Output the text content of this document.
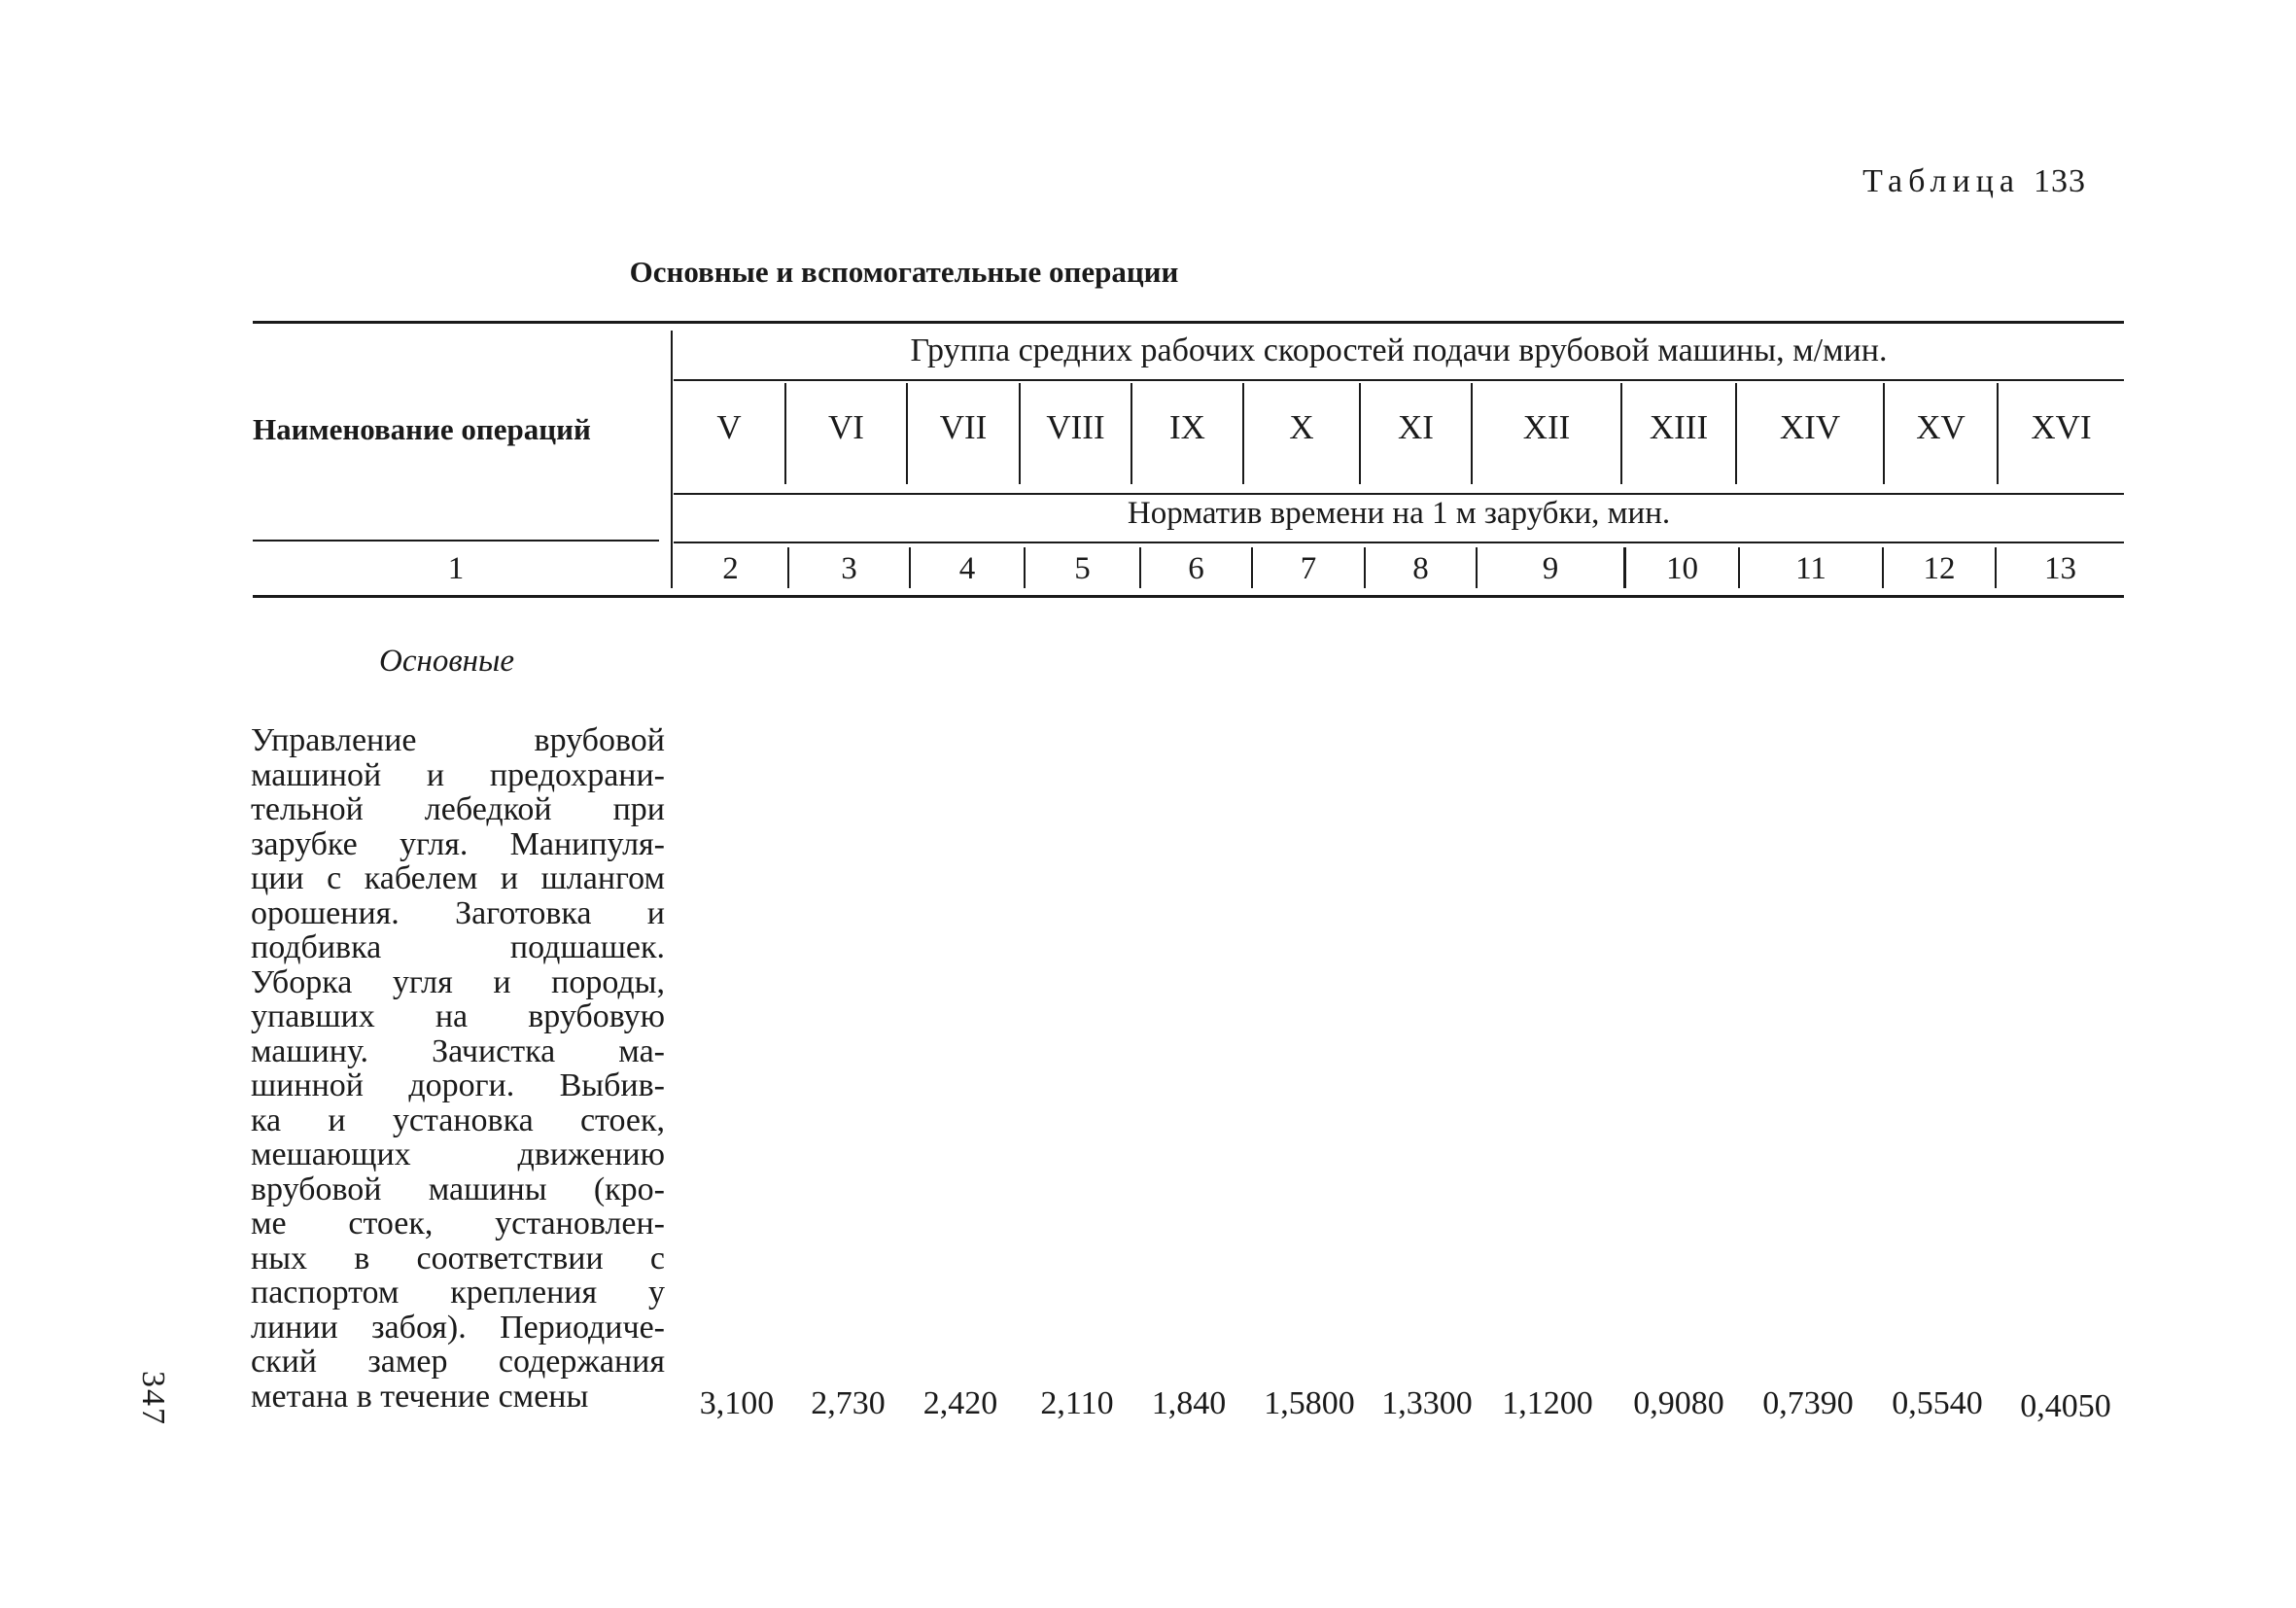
Таблица 133
Основные и вспомогательные операции
Наименование операций
Группа средних рабочих скоростей подачи врубовой машины, м/мин.
Норматив времени на 1 м зарубки, мин.
V	VI	VII	VIII	IX	X	XI	XII	XIII	XIV	XV	XVI
1	2	3	4	5	6	7	8	9	10	11	12	13
Основные
Управление врубовой
машиной и предохрани-
тельной лебедкой при
зарубке угля. Манипуля-
ции с кабелем и шлангом
орошения. Заготовка и
подбивка подшашек.
Уборка угля и породы,
упавших на врубовую
машину. Зачистка ма-
шинной дороги. Выбив-
ка и установка стоек,
мешающих движению
врубовой машины (кро-
ме стоек, установлен-
ных в соответствии с
паспортом крепления у
линии забоя). Периодиче-
ский замер содержания
метана в течение смены	3,100	2,730	2,420	2,110	1,840	1,5800 1,3300 1,1200	0,9080	0,7390	0,5540	0,4050
347
